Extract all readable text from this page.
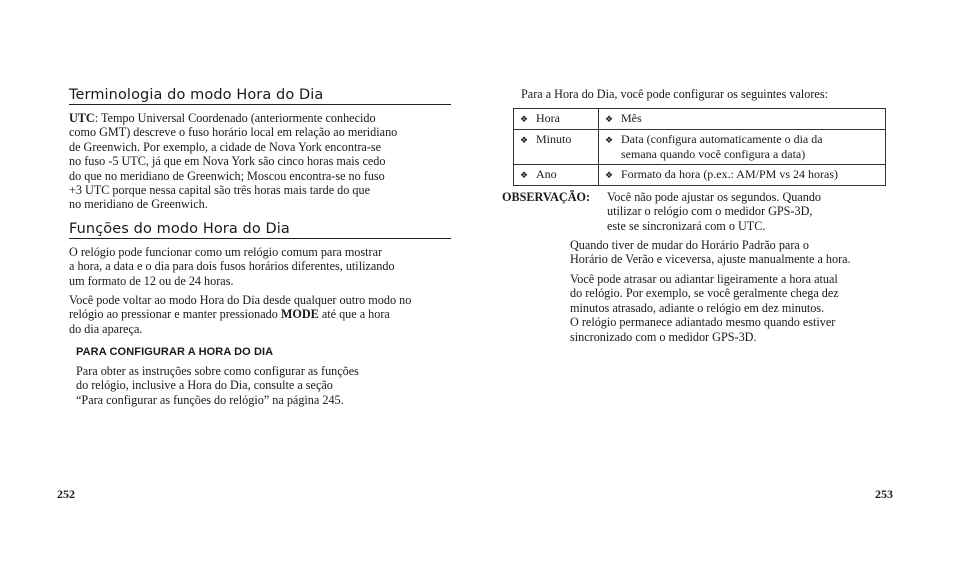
Terminologia do modo Hora do Dia
UTC: Tempo Universal Coordenado (anteriormente conhecido
como GMT) descreve o fuso horário local em relação ao meridiano
de Greenwich. Por exemplo, a cidade de Nova York encontra-se
no fuso -5 UTC, já que em Nova York são cinco horas mais cedo
do que no meridiano de Greenwich; Moscou encontra-se no fuso
+3 UTC porque nessa capital são três horas mais tarde do que
no meridiano de Greenwich.
Funções do modo Hora do Dia
O relógio pode funcionar como um relógio comum para mostrar
a hora, a data e o dia para dois fusos horários diferentes, utilizando
um formato de 12 ou de 24 horas.
Você pode voltar ao modo Hora do Dia desde qualquer outro modo no
relógio ao pressionar e manter pressionado MODE até que a hora
do dia apareça.
PARA CONFIGURAR A HORA DO DIA
Para obter as instruções sobre como configurar as funções
do relógio, inclusive a Hora do Dia, consulte a seção
“Para configurar as funções do relógio” na página 245.
252
Para a Hora do Dia, você pode configurar os seguintes valores:
❖ Hora	❖ Mês

❖ Minuto	❖ Data (configura automaticamente o dia da semana quando você configura a data)

❖ Ano	❖ Formato da hora (p.ex.: AM/PM vs 24 horas)
OBSERVAÇÃO: Você não pode ajustar os segundos. Quando
utilizar o relógio com o medidor GPS-3D,
este se sincronizará com o UTC.
Quando tiver de mudar do Horário Padrão para o
Horário de Verão e viceversa, ajuste manualmente a hora.
Você pode atrasar ou adiantar ligeiramente a hora atual
do relógio. Por exemplo, se você geralmente chega dez
minutos atrasado, adiante o relógio em dez minutos.
O relógio permanece adiantado mesmo quando estiver
sincronizado com o medidor GPS-3D.
253
